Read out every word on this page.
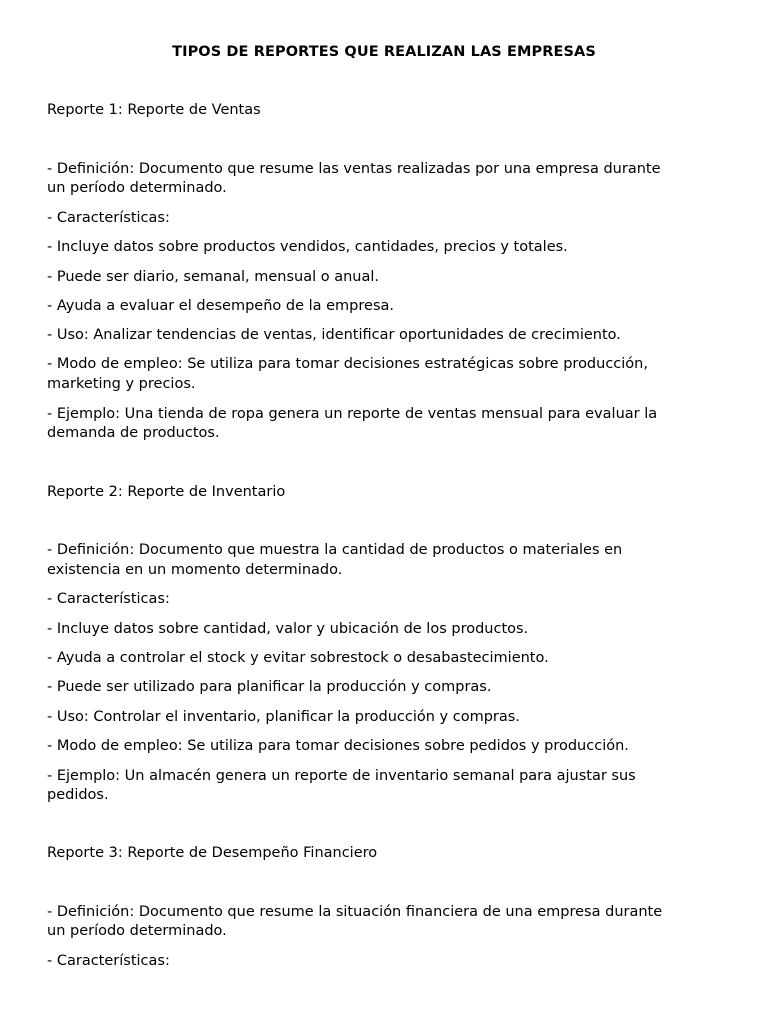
TIPOS DE REPORTES QUE REALIZAN LAS EMPRESAS
Reporte 1: Reporte de Ventas
- Definición: Documento que resume las ventas realizadas por una empresa durante
un período determinado.
- Características:
- Incluye datos sobre productos vendidos, cantidades, precios y totales.
- Puede ser diario, semanal, mensual o anual.
- Ayuda a evaluar el desempeño de la empresa.
- Uso: Analizar tendencias de ventas, identificar oportunidades de crecimiento.
- Modo de empleo: Se utiliza para tomar decisiones estratégicas sobre producción,
marketing y precios.
- Ejemplo: Una tienda de ropa genera un reporte de ventas mensual para evaluar la
demanda de productos.
Reporte 2: Reporte de Inventario
- Definición: Documento que muestra la cantidad de productos o materiales en
existencia en un momento determinado.
- Características:
- Incluye datos sobre cantidad, valor y ubicación de los productos.
- Ayuda a controlar el stock y evitar sobrestock o desabastecimiento.
- Puede ser utilizado para planificar la producción y compras.
- Uso: Controlar el inventario, planificar la producción y compras.
- Modo de empleo: Se utiliza para tomar decisiones sobre pedidos y producción.
- Ejemplo: Un almacén genera un reporte de inventario semanal para ajustar sus
pedidos.
Reporte 3: Reporte de Desempeño Financiero
- Definición: Documento que resume la situación financiera de una empresa durante
un período determinado.
- Características:
